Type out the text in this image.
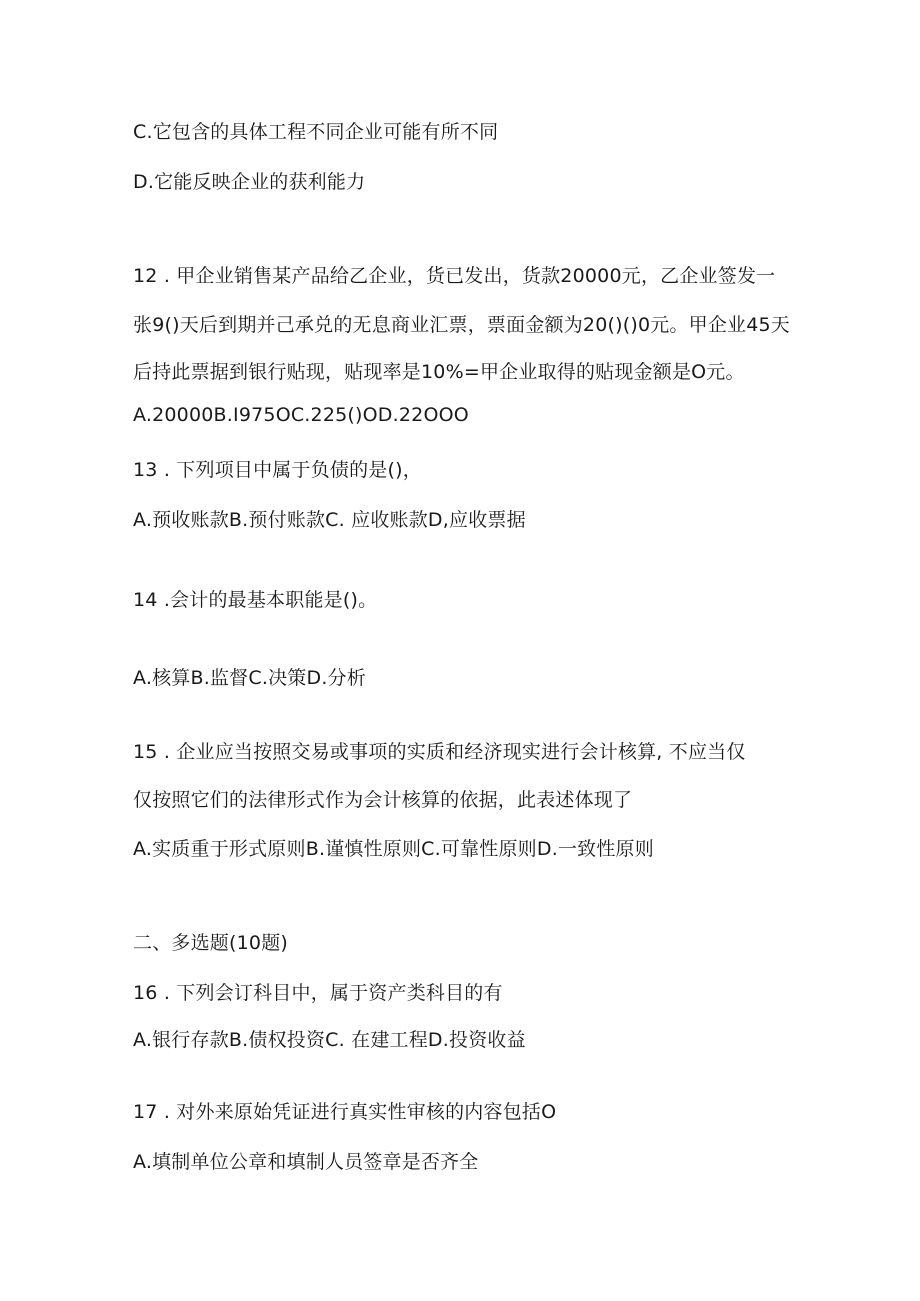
C.它包含的具体工程不同企业可能有所不同
D.它能反映企业的获利能力
12 . 甲企业销售某产品给乙企业，货已发出，货款20000元，乙企业签发一
张9()天后到期并己承兑的无息商业汇票，票面金额为20()()0元。甲企业45天
后持此票据到银行贴现，贴现率是10%=甲企业取得的贴现金额是O元。
A.20000B.I975OC.225()OD.22OOO
13 . 下列项目中属于负债的是()，
A.预收账款B.预付账款C. 应收账款D,应收票据
14 .会计的最基本职能是()。
A.核算B.监督C.决策D.分析
15 . 企业应当按照交易或事项的实质和经济现实进行会计核算, 不应当仅
仅按照它们的法律形式作为会计核算的依据，此表述体现了
A.实质重于形式原则B.谨慎性原则C.可靠性原则D.一致性原则
二、多选题(10题)
16 . 下列会订科目中，属于资产类科目的有
A.银行存款B.债权投资C. 在建工程D.投资收益
17 . 对外来原始凭证进行真实性审核的内容包括O
A.填制单位公章和填制人员签章是否齐全
